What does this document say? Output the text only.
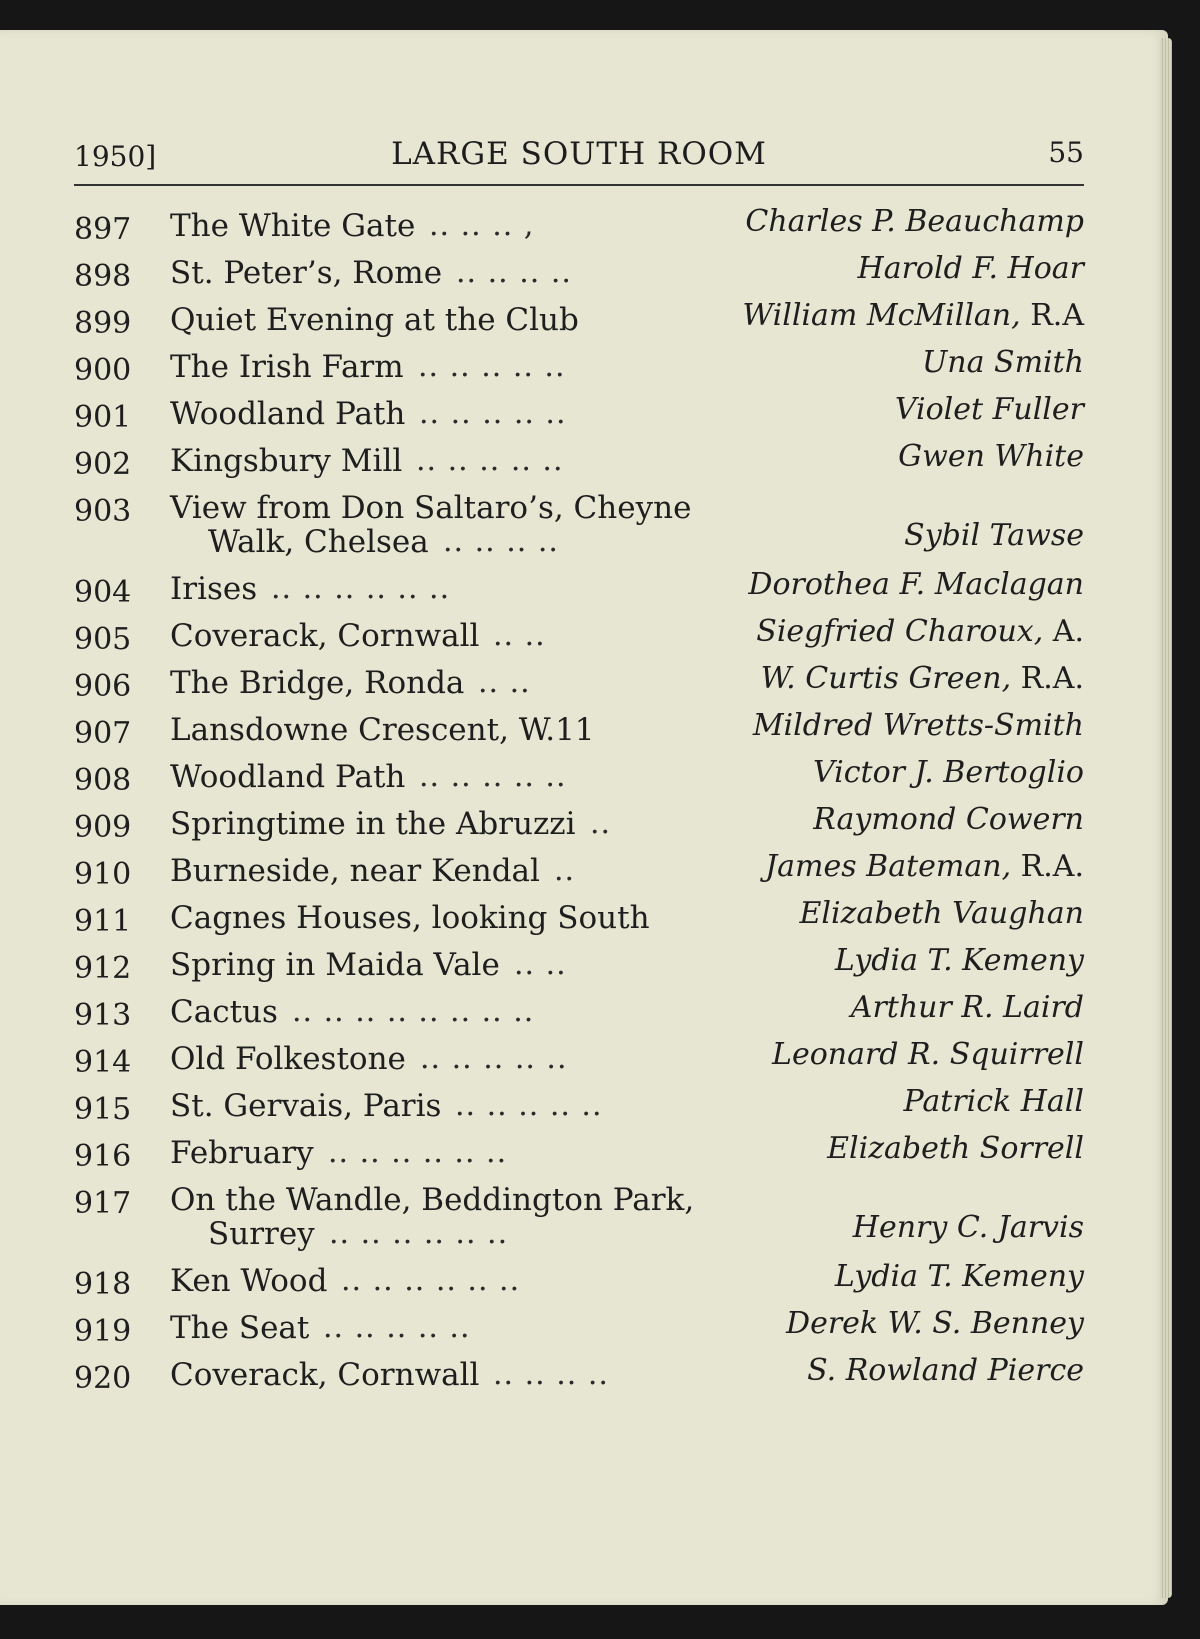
1950]	LARGE SOUTH ROOM	55
897 The White Gate .. .. .. ,	Charles P. Beauchamp
898 St. Peter’s, Rome .. .. .. ..	Harold F. Hoar
899 Quiet Evening at the Club	William McMillan, R.A
900 The Irish Farm .. .. .. .. ..	Una Smith
901 Woodland Path .. .. .. .. ..	Violet Fuller
902 Kingsbury Mill .. .. .. .. ..	Gwen White
903 View from Don Saltaro’s, Cheyne
Walk, Chelsea .. .. .. ..	Sybil Tawse
904 Irises .. .. .. .. .. ..	Dorothea F. Maclagan
905 Coverack, Cornwall .. ..	Siegfried Charoux, A.
906 The Bridge, Ronda .. ..	W. Curtis Green, R.A.
907 Lansdowne Crescent, W.11	Mildred Wretts-Smith
908 Woodland Path .. .. .. .. ..	Victor J. Bertoglio
909 Springtime in the Abruzzi ..	Raymond Cowern
910 Burneside, near Kendal ..	James Bateman, R.A.
911 Cagnes Houses, looking South	Elizabeth Vaughan
912 Spring in Maida Vale .. ..	Lydia T. Kemeny
913 Cactus .. .. .. .. .. .. .. ..	Arthur R. Laird
914 Old Folkestone .. .. .. .. ..	Leonard R. Squirrell
915 St. Gervais, Paris .. .. .. .. ..	Patrick Hall
916 February .. .. .. .. .. ..	Elizabeth Sorrell
917 On the Wandle, Beddington Park,
Surrey .. .. .. .. .. ..	Henry C. Jarvis
918 Ken Wood .. .. .. .. .. ..	Lydia T. Kemeny
919 The Seat .. .. .. .. ..	Derek W. S. Benney
920 Coverack, Cornwall .. .. .. ..	S. Rowland Pierce
